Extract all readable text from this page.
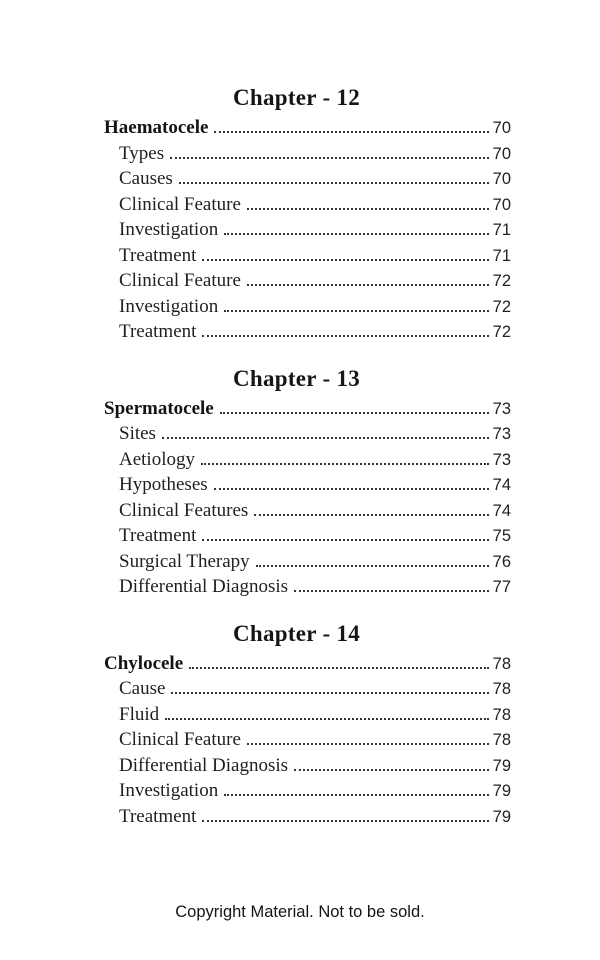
Chapter - 12
Haematocele	70
Types	70
Causes	70
Clinical Feature	70
Investigation	71
Treatment	71
Clinical Feature	72
Investigation	72
Treatment	72
Chapter - 13
Spermatocele	73
Sites	73
Aetiology	73
Hypotheses	74
Clinical Features	74
Treatment	75
Surgical Therapy	76
Differential Diagnosis	77
Chapter - 14
Chylocele	78
Cause	78
Fluid	78
Clinical Feature	78
Differential Diagnosis	79
Investigation	79
Treatment	79
Copyright Material. Not to be sold.
